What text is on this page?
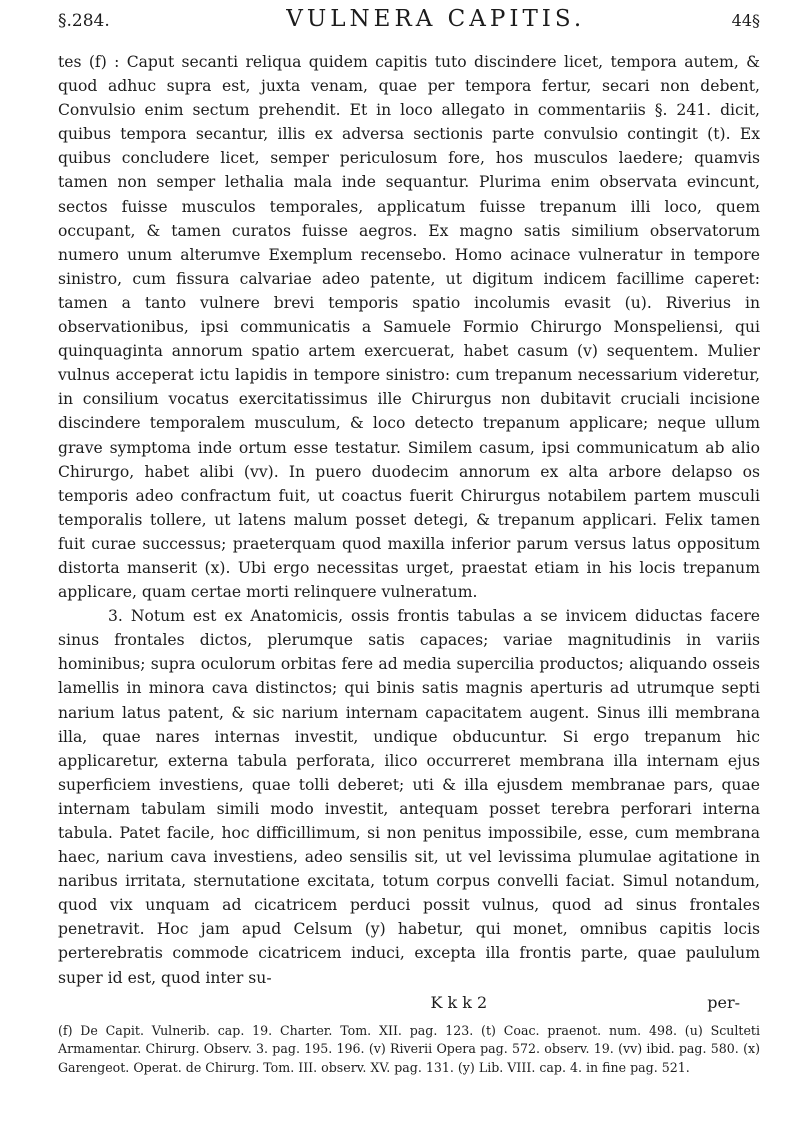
§.284.	VULNERA CAPITIS.	44§

tes (f) : Caput secanti reliqua quidem capitis tuto discindere licet, tempora autem, & quod adhuc supra est, juxta venam, quae per tempora fertur, secari non debent, Convulsio enim sectum prehendit. Et in loco allegato in commentariis §. 241. dicit, quibus tempora secantur, illis ex adversa sectionis parte convulsio contingit (t). Ex quibus concludere licet, semper periculosum fore, hos musculos laedere; quamvis tamen non semper lethalia mala inde sequantur. Plurima enim observata evincunt, sectos fuisse musculos temporales, applicatum fuisse trepanum illi loco, quem occupant, & tamen curatos fuisse aegros. Ex magno satis similium observatorum numero unum alterumve Exemplum recensebo. Homo acinace vulneratur in tempore sinistro, cum fissura calvariae adeo patente, ut digitum indicem facillime caperet: tamen a tanto vulnere brevi temporis spatio incolumis evasit (u). Riverius in observationibus, ipsi communicatis a Samuele Formio Chirurgo Monspeliensi, qui quinquaginta annorum spatio artem exercuerat, habet casum (v) sequentem. Mulier vulnus acceperat ictu lapidis in tempore sinistro: cum trepanum necessarium videretur, in consilium vocatus exercitatissimus ille Chirurgus non dubitavit cruciali incisione discindere temporalem musculum, & loco detecto trepanum applicare; neque ullum grave symptoma inde ortum esse testatur. Similem casum, ipsi communicatum ab alio Chirurgo, habet alibi (vv). In puero duodecim annorum ex alta arbore delapso os temporis adeo confractum fuit, ut coactus fuerit Chirurgus notabilem partem musculi temporalis tollere, ut latens malum posset detegi, & trepanum applicari. Felix tamen fuit curae successus; praeterquam quod maxilla inferior parum versus latus oppositum distorta manserit (x). Ubi ergo necessitas urget, praestat etiam in his locis trepanum applicare, quam certae morti relinquere vulneratum.

3. Notum est ex Anatomicis, ossis frontis tabulas a se invicem diductas facere sinus frontales dictos, plerumque satis capaces; variae magnitudinis in variis hominibus; supra oculorum orbitas fere ad media supercilia productos; aliquando osseis lamellis in minora cava distinctos; qui binis satis magnis aperturis ad utrumque septi narium latus patent, & sic narium internam capacitatem augent. Sinus illi membrana illa, quae nares internas investit, undique obducuntur. Si ergo trepanum hic applicaretur, externa tabula perforata, ilico occurreret membrana illa internam ejus superficiem investiens, quae tolli deberet; uti & illa ejusdem membranae pars, quae internam tabulam simili modo investit, antequam posset terebra perforari interna tabula. Patet facile, hoc difficillimum, si non penitus impossibile, esse, cum membrana haec, narium cava investiens, adeo sensilis sit, ut vel levissima plumulae agitatione in naribus irritata, sternutatione excitata, totum corpus convelli faciat. Simul notandum, quod vix unquam ad cicatricem perduci possit vulnus, quod ad sinus frontales penetravit. Hoc jam apud Celsum (y) habetur, qui monet, omnibus capitis locis perterebratis commode cicatricem induci, excepta illa frontis parte, quae paululum super id est, quod inter su-

K k k 2	per-

(f) De Capit. Vulnerib. cap. 19. Charter. Tom. XII. pag. 123. (t) Coac. praenot. num. 498. (u) Sculteti Armamentar. Chirurg. Observ. 3. pag. 195. 196. (v) Riverii Opera pag. 572. observ. 19. (vv) ibid. pag. 580. (x) Garengeot. Operat. de Chirurg. Tom. III. observ. XV. pag. 131. (y) Lib. VIII. cap. 4. in fine pag. 521.
